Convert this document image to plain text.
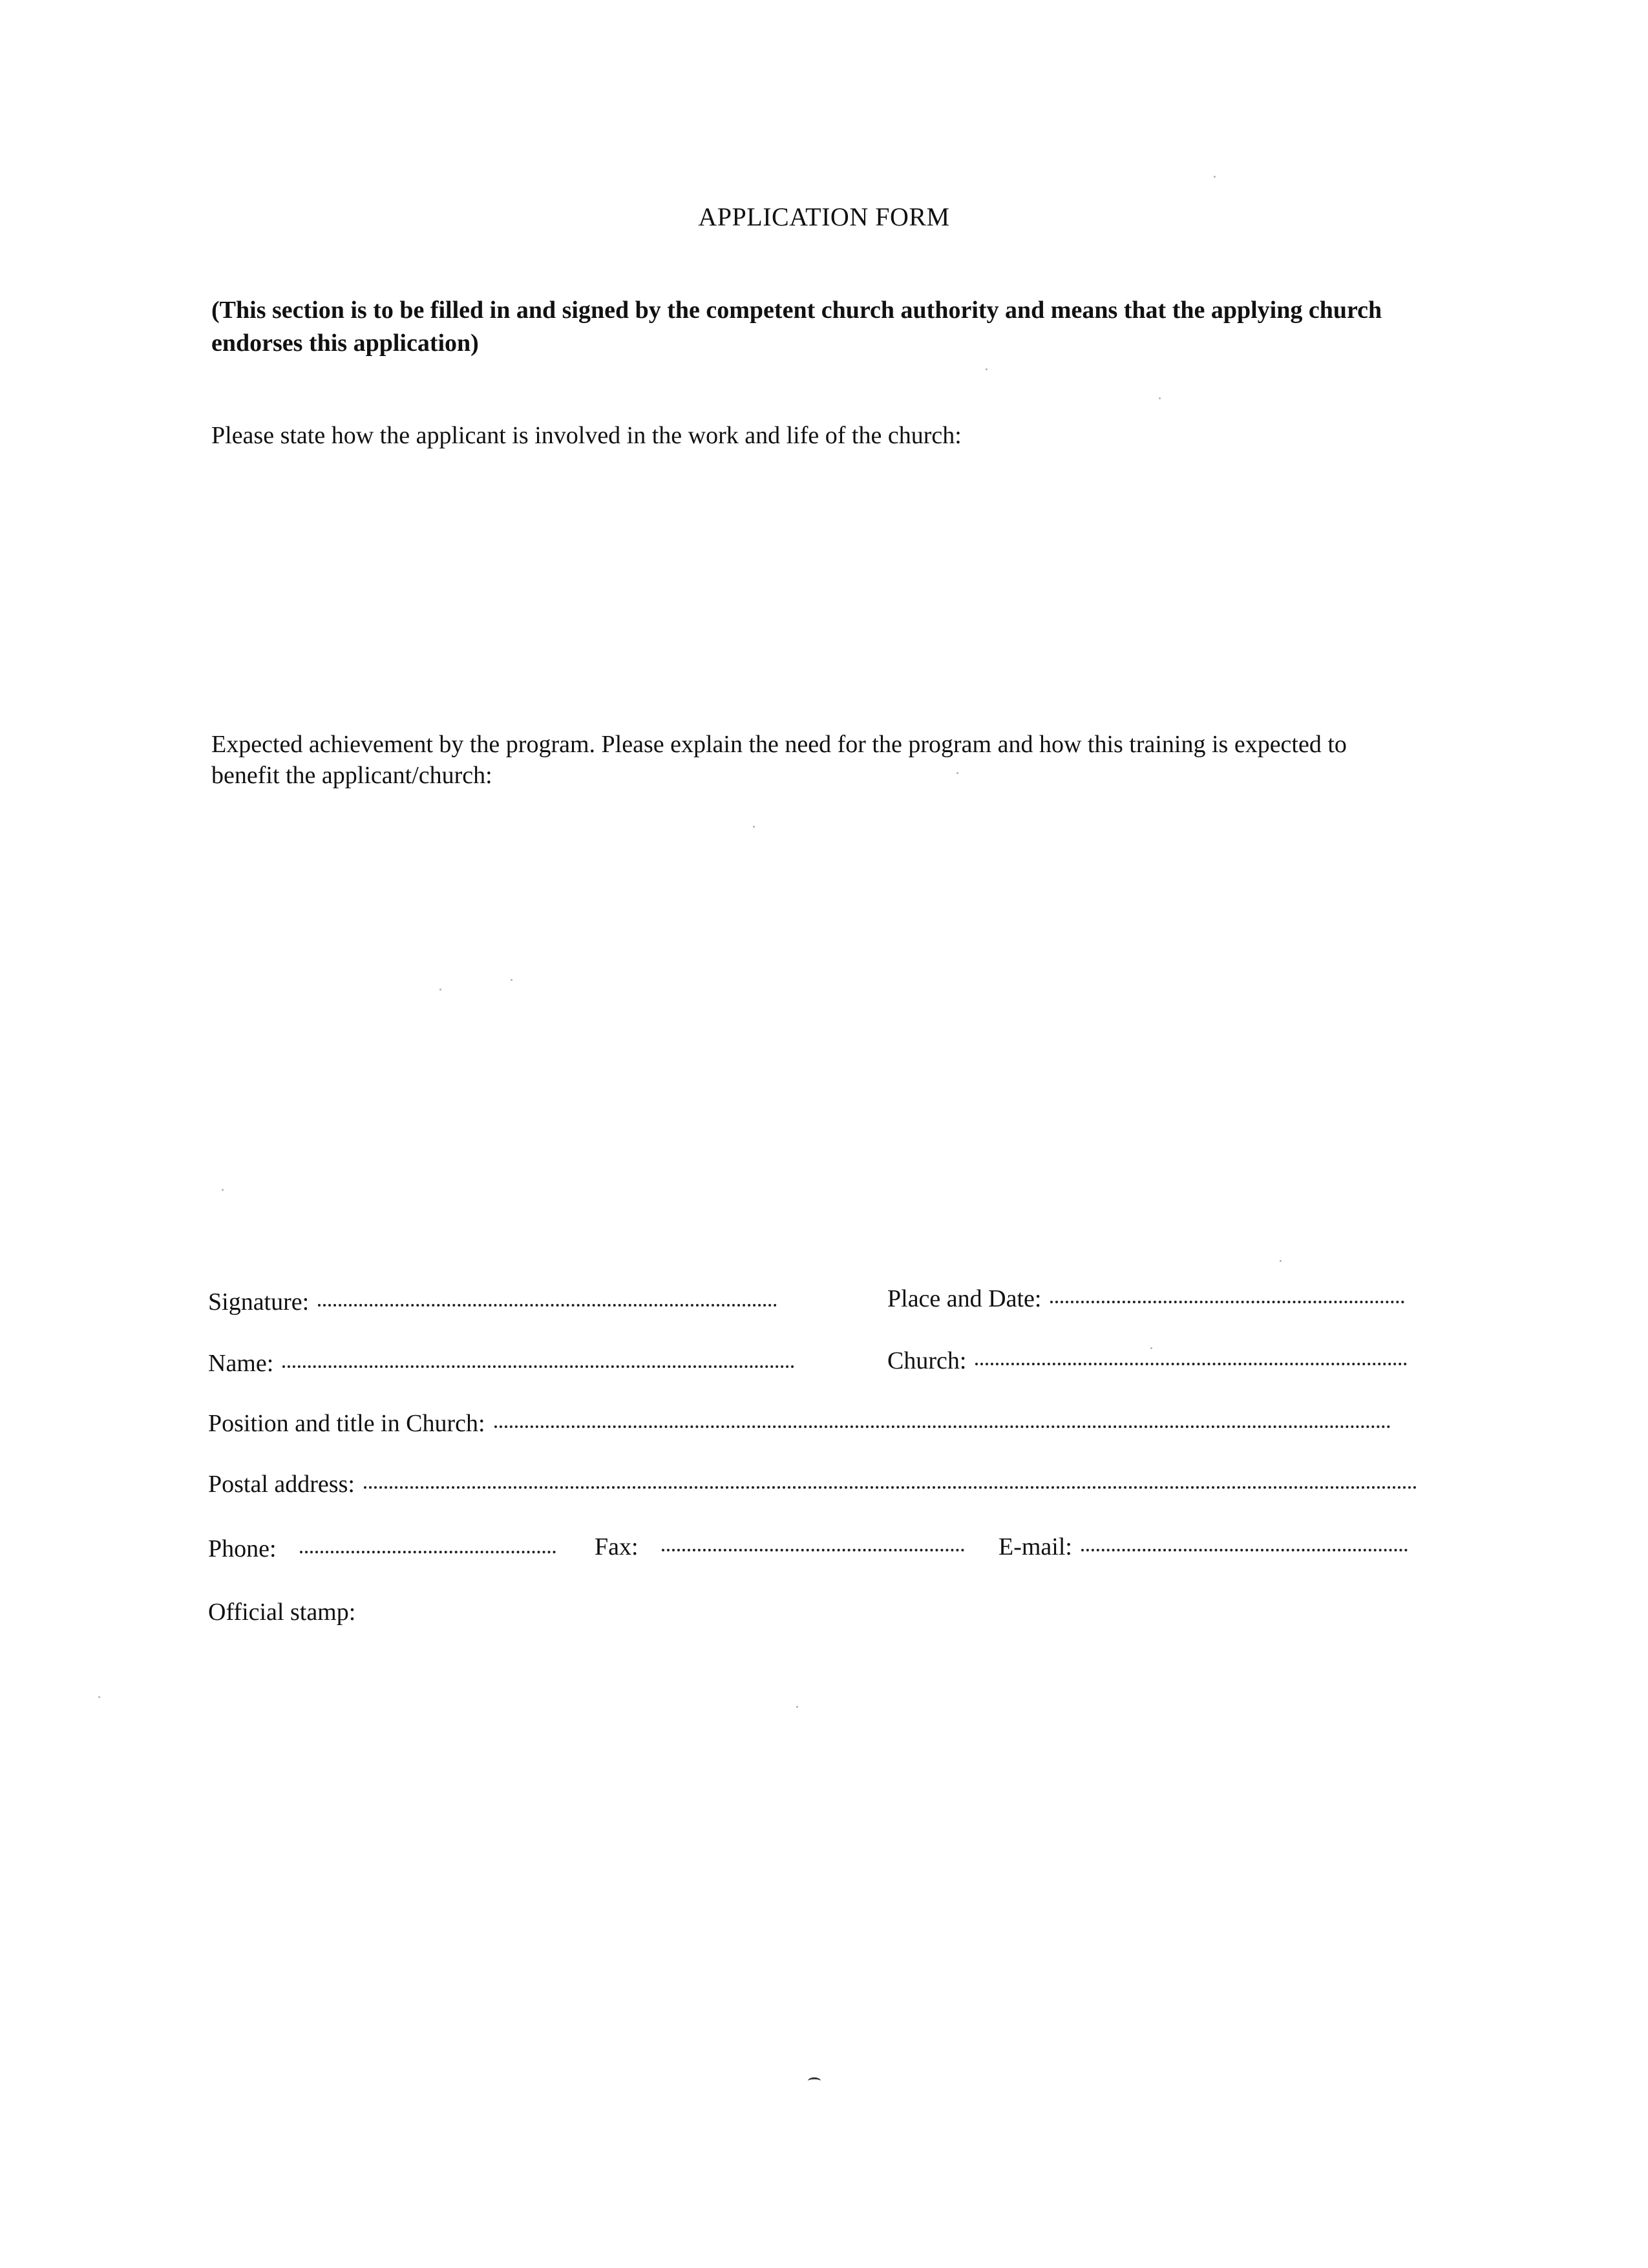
APPLICATION FORM
(This section is to be filled in and signed by the competent church authority and means that the applying church endorses this application)
Please state how the applicant is involved in the work and life of the church:
Expected achievement by the program. Please explain the need for the program and how this training is expected to benefit the applicant/church:
Signature:	Place and Date:
Name:	Church:
Position and title in Church:
Postal address:
Phone:	Fax:	E-mail:
Official stamp:
